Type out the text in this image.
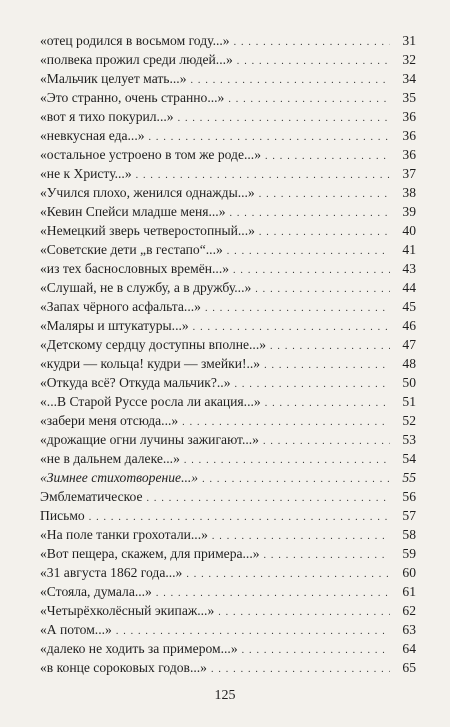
«отец родился в восьмом году...» . . .	31
«полвека прожил среди людей...» . . .	32
«Мальчик целует мать...» . . .	34
«Это странно, очень странно...» . . .	35
«вот я тихо покурил...» . . .	36
«невкусная еда...» . . .	36
«остальное устроено в том же роде...» . . .	36
«не к Христу...» . . .	37
«Учился плохо, женился однажды...» . . .	38
«Кевин Спейси младше меня...» . . .	39
«Немецкий зверь четверостопный...» . . .	40
«Советские дети „в гестапо“...» . . .	41
«из тех баснословных времён...» . . .	43
«Слушай, не в службу, а в дружбу...» . . .	44
«Запах чёрного асфальта...» . . .	45
«Маляры и штукатуры...» . . .	46
«Детскому сердцу доступны вполне...» . . .	47
«кудри — кольца! кудри — змейки!..» . . .	48
«Откуда всё? Откуда мальчик?..» . . .	50
«...В Старой Руссе росла ли акация...» . . .	51
«забери меня отсюда...» . . .	52
«дрожащие огни лучины зажигают...» . . .	53
«не в дальнем далеке...» . . .	54
«Зимнее стихотворение...» . . .	55
Эмблематическое . . .	56
Письмо . . .	57
«На поле танки грохотали...» . . .	58
«Вот пещера, скажем, для примера...» . . .	59
«31 августа 1862 года...» . . .	60
«Стояла, думала...» . . .	61
«Четырёхколёсный экипаж...» . . .	62
«А потом...» . . .	63
«далеко не ходить за примером...» . . .	64
«в конце сороковых годов...» . . .	65
125
